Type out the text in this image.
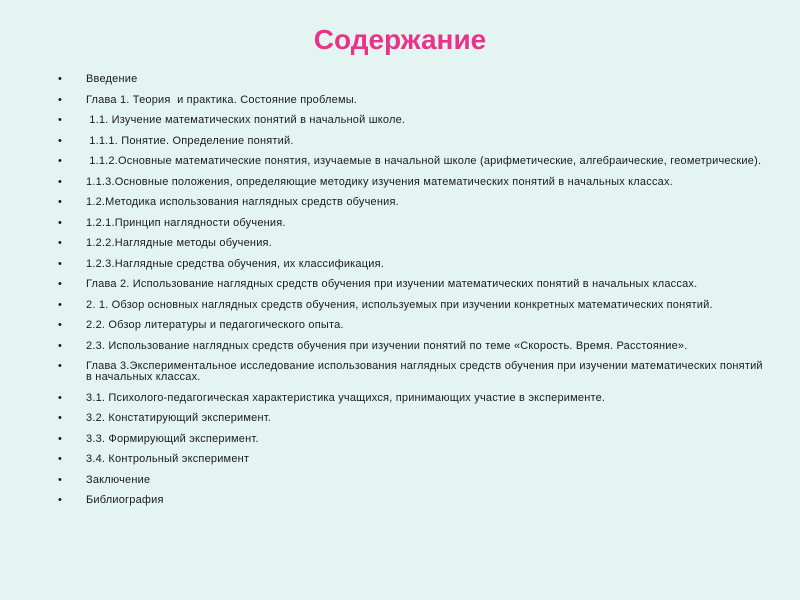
Содержание
• Введение
• Глава 1. Теория  и практика. Состояние проблемы.
• 1.1. Изучение математических понятий в начальной школе.
• 1.1.1. Понятие. Определение понятий.
• 1.1.2.Основные математические понятия, изучаемые в начальной школе (арифметические, алгебраические, геометрические).
• 1.1.3.Основные положения, определяющие методику изучения математических понятий в начальных классах.
• 1.2.Методика использования наглядных средств обучения.
• 1.2.1.Принцип наглядности обучения.
• 1.2.2.Наглядные методы обучения.
• 1.2.3.Наглядные средства обучения, их классификация.
• Глава 2. Использование наглядных средств обучения при изучении математических понятий в начальных классах.
• 2. 1. Обзор основных наглядных средств обучения, используемых при изучении конкретных математических понятий.
• 2.2. Обзор литературы и педагогического опыта.
• 2.3. Использование наглядных средств обучения при изучении понятий по теме «Скорость. Время. Расстояние».
• Глава 3.Экспериментальное исследование использования наглядных средств обучения при изучении математических понятий в начальных классах.
• 3.1. Психолого-педагогическая характеристика учащихся, принимающих участие в эксперименте.
• 3.2. Констатирующий эксперимент.
• 3.3. Формирующий эксперимент.
• 3.4. Контрольный эксперимент
• Заключение
• Библиография
